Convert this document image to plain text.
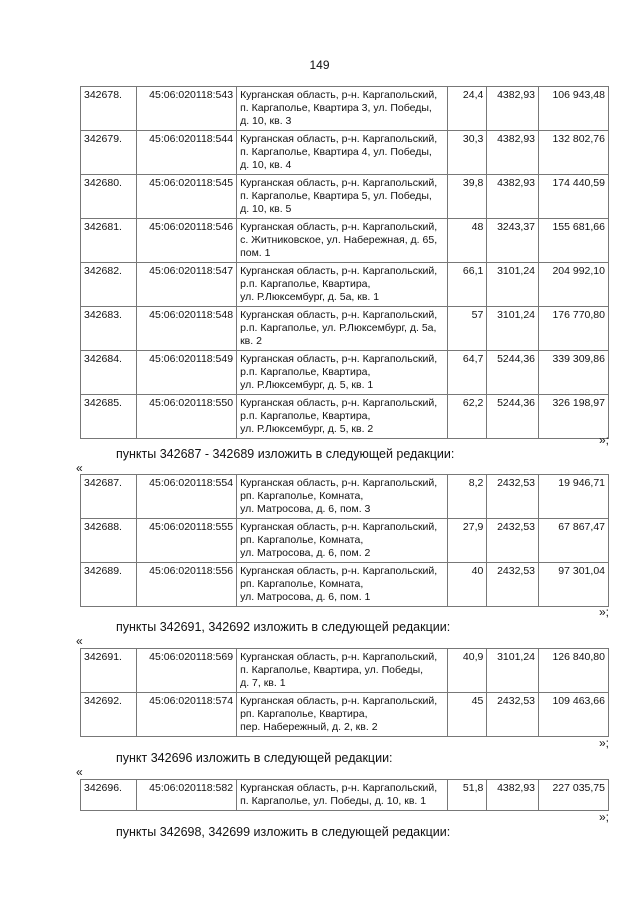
149
342678.	45:06:020118:543	Курганская область, р-н. Каргапольский,
п. Каргаполье, Квартира 3, ул. Победы,
д. 10, кв. 3	24,4	4382,93	106 943,48
342679.	45:06:020118:544	Курганская область, р-н. Каргапольский,
п. Каргаполье, Квартира 4, ул. Победы,
д. 10, кв. 4	30,3	4382,93	132 802,76
342680.	45:06:020118:545	Курганская область, р-н. Каргапольский,
п. Каргаполье, Квартира 5, ул. Победы,
д. 10, кв. 5	39,8	4382,93	174 440,59
342681.	45:06:020118:546	Курганская область, р-н. Каргапольский,
с. Житниковское, ул. Набережная, д. 65,
пом. 1	48	3243,37	155 681,66
342682.	45:06:020118:547	Курганская область, р-н. Каргапольский,
р.п. Каргаполье, Квартира,
ул. Р.Люксембург, д. 5а, кв. 1	66,1	3101,24	204 992,10
342683.	45:06:020118:548	Курганская область, р-н. Каргапольский,
р.п. Каргаполье, ул. Р.Люксембург, д. 5а,
кв. 2	57	3101,24	176 770,80
342684.	45:06:020118:549	Курганская область, р-н. Каргапольский,
р.п. Каргаполье, Квартира,
ул. Р.Люксембург, д. 5, кв. 1	64,7	5244,36	339 309,86
342685.	45:06:020118:550	Курганская область, р-н. Каргапольский,
р.п. Каргаполье, Квартира,
ул. Р.Люксембург, д. 5, кв. 2	62,2	5244,36	326 198,97
»;
пункты 342687 - 342689 изложить в следующей редакции:
«
342687.	45:06:020118:554	Курганская область, р-н. Каргапольский,
рп. Каргаполье, Комната,
ул. Матросова, д. 6, пом. 3	8,2	2432,53	19 946,71
342688.	45:06:020118:555	Курганская область, р-н. Каргапольский,
рп. Каргаполье, Комната,
ул. Матросова, д. 6, пом. 2	27,9	2432,53	67 867,47
342689.	45:06:020118:556	Курганская область, р-н. Каргапольский,
рп. Каргаполье, Комната,
ул. Матросова, д. 6, пом. 1	40	2432,53	97 301,04
»;
пункты 342691, 342692 изложить в следующей редакции:
«
342691.	45:06:020118:569	Курганская область, р-н. Каргапольский,
п. Каргаполье, Квартира, ул. Победы,
д. 7, кв. 1	40,9	3101,24	126 840,80
342692.	45:06:020118:574	Курганская область, р-н. Каргапольский,
рп. Каргаполье, Квартира,
пер. Набережный, д. 2, кв. 2	45	2432,53	109 463,66
»;
пункт 342696 изложить в следующей редакции:
«
342696.	45:06:020118:582	Курганская область, р-н. Каргапольский,
п. Каргаполье, ул. Победы, д. 10, кв. 1
	51,8	4382,93	227 035,75
»;
пункты 342698, 342699 изложить в следующей редакции:
